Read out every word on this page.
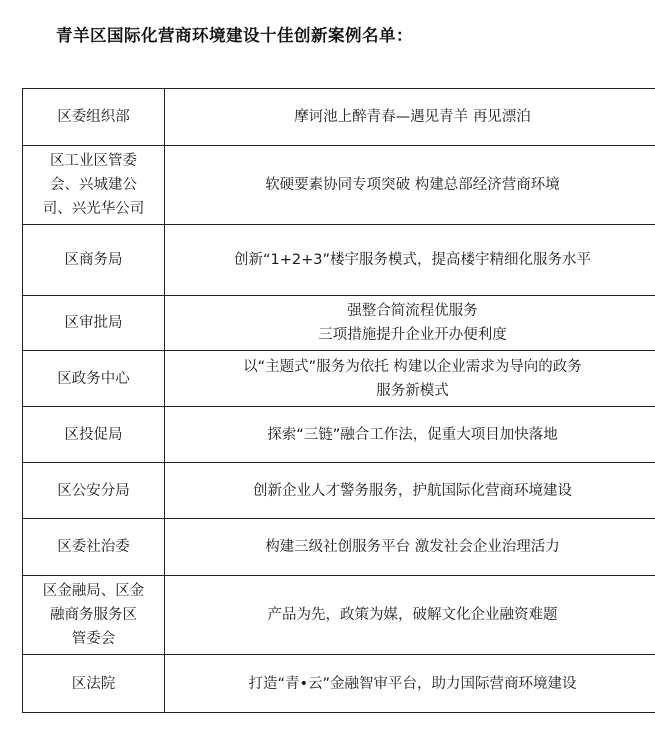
青羊区国际化营商环境建设十佳创新案例名单：
区委组织部	摩诃池上醉青春—遇见青羊 再见漂泊

区工业区管委
会、兴城建公
司、兴光华公司	软硬要素协同专项突破 构建总部经济营商环境

区商务局	创新“1+2+3”楼宇服务模式，提高楼宇精细化服务水平

区审批局	强整合简流程优服务
三项措施提升企业开办便利度

区政务中心	以“主题式”服务为依托 构建以企业需求为导向的政务
服务新模式

区投促局	探索“三链”融合工作法，促重大项目加快落地

区公安分局	创新企业人才警务服务，护航国际化营商环境建设

区委社治委	构建三级社创服务平台 激发社会企业治理活力

区金融局、区金
融商务服务区
管委会	产品为先，政策为媒，破解文化企业融资难题

区法院	打造“青•云”金融智审平台，助力国际营商环境建设
